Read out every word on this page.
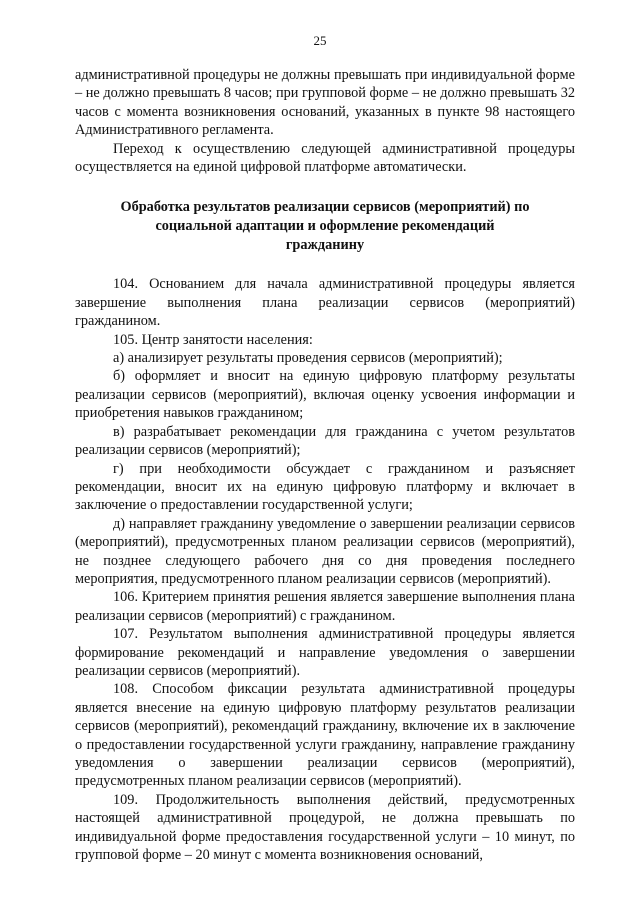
25

административной процедуры не должны превышать при индивидуальной форме – не должно превышать 8 часов; при групповой форме – не должно превышать 32 часов с момента возникновения оснований, указанных в пункте 98 настоящего Административного регламента.

Переход к осуществлению следующей административной процедуры осуществляется на единой цифровой платформе автоматически.

Обработка результатов реализации сервисов (мероприятий) по
социальной адаптации и оформление рекомендаций
гражданину

104. Основанием для начала административной процедуры является завершение выполнения плана реализации сервисов (мероприятий) гражданином.

105. Центр занятости населения:

а) анализирует результаты проведения сервисов (мероприятий);

б) оформляет и вносит на единую цифровую платформу результаты реализации сервисов (мероприятий), включая оценку усвоения информации и приобретения навыков гражданином;

в) разрабатывает рекомендации для гражданина с учетом результатов реализации сервисов (мероприятий);

г) при необходимости обсуждает с гражданином и разъясняет рекомендации, вносит их на единую цифровую платформу и включает в заключение о предоставлении государственной услуги;

д) направляет гражданину уведомление о завершении реализации сервисов (мероприятий), предусмотренных планом реализации сервисов (мероприятий), не позднее следующего рабочего дня со дня проведения последнего мероприятия, предусмотренного планом реализации сервисов (мероприятий).

106. Критерием принятия решения является завершение выполнения плана реализации сервисов (мероприятий) с гражданином.

107. Результатом выполнения административной процедуры является формирование рекомендаций и направление уведомления о завершении реализации сервисов (мероприятий).

108. Способом фиксации результата административной процедуры является внесение на единую цифровую платформу результатов реализации сервисов (мероприятий), рекомендаций гражданину, включение их в заключение о предоставлении государственной услуги гражданину, направление гражданину уведомления о завершении реализации сервисов (мероприятий), предусмотренных планом реализации сервисов (мероприятий).

109. Продолжительность выполнения действий, предусмотренных настоящей административной процедурой, не должна превышать по индивидуальной форме предоставления государственной услуги – 10 минут, по групповой форме – 20 минут с момента возникновения оснований,
